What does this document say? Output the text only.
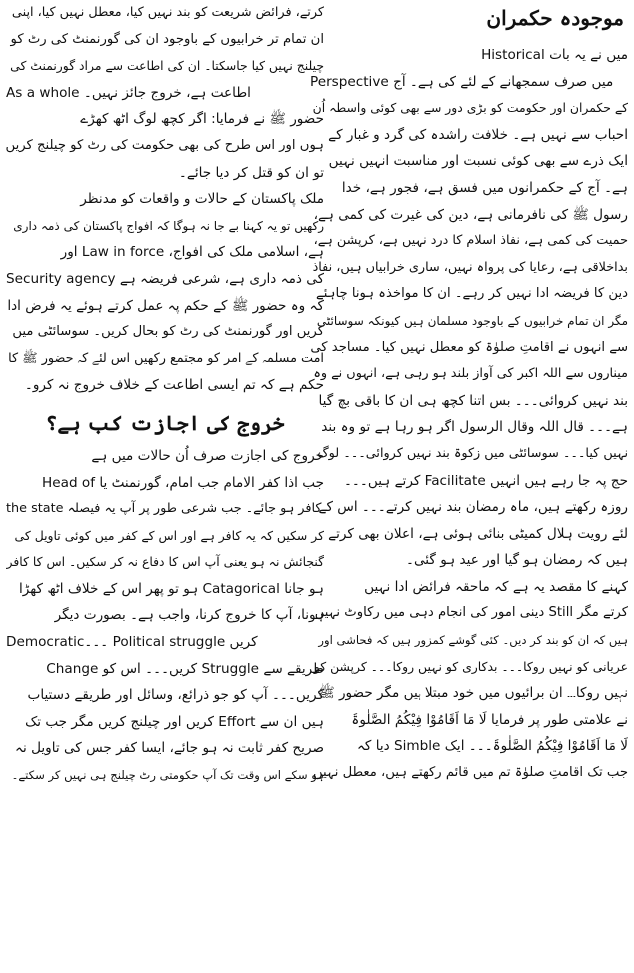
موجودہ حکمران
میں نے یہ بات Historical
Perspective میں صرف سمجھانے کے لئے کی ہے۔ آج
کے حکمران اور حکومت کو بڑی دور سے بھی کوئی واسطہ اُن
احباب سے نہیں ہے۔ خلافت راشدہ کی گرد و غبار کے
ایک ذرے سے بھی کوئی نسبت اور مناسبت انہیں نہیں
ہے۔ آج کے حکمرانوں میں فسق ہے، فجور ہے، خدا
رسول ﷺ کی نافرمانی ہے، دین کی غیرت کی کمی ہے،
حمیت کی کمی ہے، نفاذ اسلام کا درد نہیں ہے، کرپشن ہے،
بداخلاقی ہے، رعایا کی پرواہ نہیں، ساری خرابیاں ہیں، نفاذ
دین کا فریضہ ادا نہیں کر رہے۔ ان کا مواخذہ ہونا چاہئے
مگر ان تمام خرابیوں کے باوجود مسلمان ہیں کیونکہ سوسائٹی
سے انہوں نے اقامتِ صلوٰۃ کو معطل نہیں کیا۔ مساجد کی
میناروں سے اللہ اکبر کی آواز بلند ہو رہی ہے، انہوں نے وہ
بند نہیں کروائی۔۔۔ بس اتنا کچھ ہی ان کا باقی بچ گیا
ہے۔۔۔ قال اللہ وقال الرسول اگر ہو رہا ہے تو وہ بند
نہیں کیا۔۔۔ سوسائٹی میں زکوۃ بند نہیں کروائی۔۔۔ لوگ
حج پہ جا رہے ہیں انہیں Facilitate کرتے ہیں۔۔۔
روزہ رکھتے ہیں، ماہ رمضان بند نہیں کرتے۔۔۔ اس کے
لئے رویت ہلال کمیٹی بنائی ہوئی ہے، اعلان بھی کرتے
ہیں کہ رمضان ہو گیا اور عید ہو گئی۔
کہنے کا مقصد یہ ہے کہ ماحقہ فرائض ادا نہیں
کرتے مگر Still دینی امور کی انجام دہی میں رکاوٹ نہیں
ہیں کہ ان کو بند کر دیں۔ کئی گوشے کمزور ہیں کہ فحاشی اور
عریانی کو نہیں روکا۔۔۔ بدکاری کو نہیں روکا۔۔۔ کرپشن کو
نہیں روکا۔۔۔ ان برائیوں میں خود مبتلا ہیں مگر حضور ﷺ
نے علامتی طور پر فرمایا لَا مَا اَقَامُوْا فِيْكُمُ الصَّلٰوۃَ
لَا مَا اَقَامُوْا فِيْكُمُ الصَّلٰوۃَ۔۔۔ ایک Simble دیا کہ
جب تک اقامتِ صلوٰۃ تم میں قائم رکھتے ہیں، معطل نہیں
کرتے، فرائض شریعت کو بند نہیں کیا، معطل نہیں کیا، اپنی
ان تمام تر خرابیوں کے باوجود ان کی گورنمنٹ کی رٹ کو
چیلنج نہیں کیا جاسکتا۔ ان کی اطاعت سے مراد گورنمنٹ کی
As a whole اطاعت ہے، خروج جائز نہیں۔
حضور ﷺ نے فرمایا: اگر کچھ لوگ اٹھ کھڑے
ہوں اور اس طرح کی بھی حکومت کی رٹ کو چیلنج کریں
تو ان کو قتل کر دیا جائے۔
ملک پاکستان کے حالات و واقعات کو مدنظر
رکھیں تو یہ کہنا بے جا نہ ہوگا کہ افواج پاکستان کی ذمہ داری
ہے، اسلامی ملک کی افواج، Law in force اور
Security agency کی ذمہ داری ہے، شرعی فریضہ ہے
کہ وہ حضور ﷺ کے حکم پہ عمل کرتے ہوئے یہ فرض ادا
کریں اور گورنمنٹ کی رٹ کو بحال کریں۔ سوسائٹی میں
امت مسلمہ کے امر کو مجتمع رکھیں اس لئے کہ حضور ﷺ کا
حکم ہے کہ تم ایسی اطاعت کے خلاف خروج نہ کرو۔
خروج کی اجازت کب ہے؟
خروج کی اجازت صرف اُن حالات میں ہے
جب اذا کفر الامام جب امام، گورنمنٹ یا Head of
the state کافر ہو جائے۔ جب شرعی طور پر آپ یہ فیصلہ
کر سکیں کہ یہ کافر ہے اور اس کے کفر میں کوئی تاویل کی
گنجائش نہ ہو یعنی آپ اس کا دفاع نہ کر سکیں۔ اس کا کافر
ہو جانا Catagorical ہو تو پھر اس کے خلاف اٹھ کھڑا
ہونا، آپ کا خروج کرنا، واجب ہے۔ بصورت دیگر
Democratic۔۔۔ Political struggle کریں
طریقے سے Struggle کریں۔۔۔ اس کو Change
کریں۔۔۔ آپ کو جو ذرائع، وسائل اور طریقے دستیاب
ہیں ان سے Effort کریں اور چیلنج کریں مگر جب تک
صریح کفر ثابت نہ ہو جائے، ایسا کفر جس کی تاویل نہ
ہو سکے اس وقت تک آپ حکومتی رٹ چیلنج ہی نہیں کر سکتے۔
